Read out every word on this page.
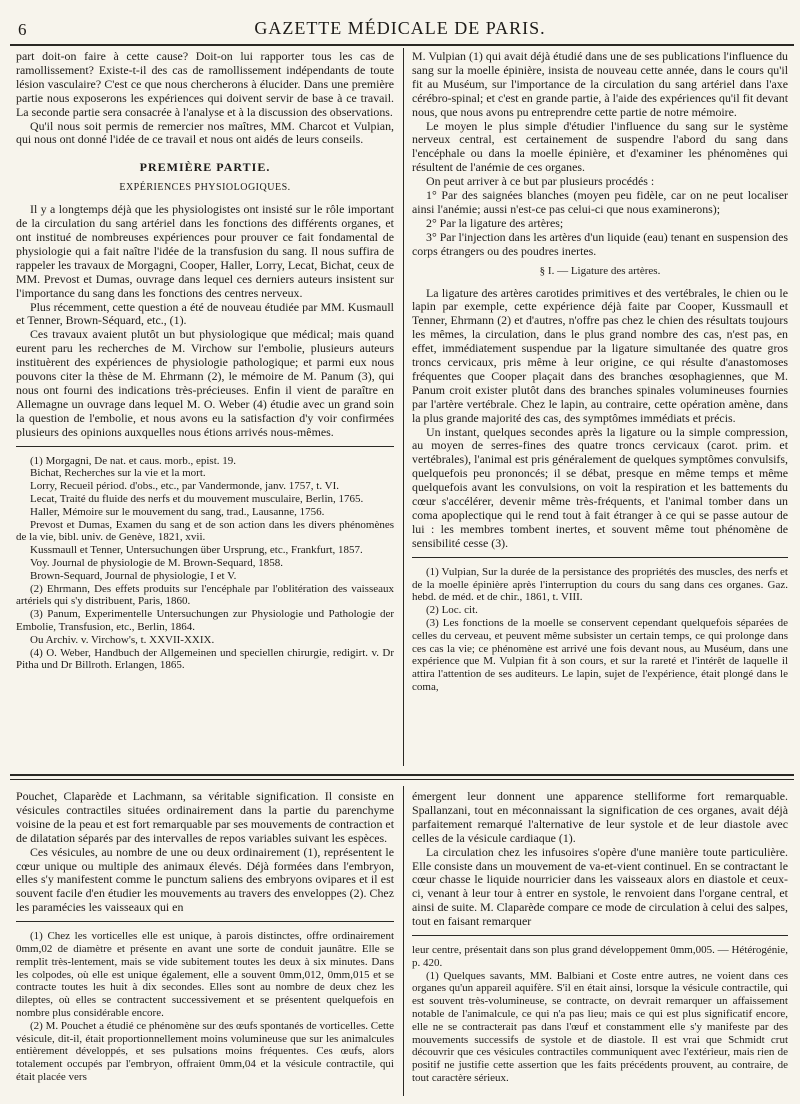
6	GAZETTE MÉDICALE DE PARIS.

part doit-on faire à cette cause? Doit-on lui rapporter tous les cas de ramollissement? Existe-t-il des cas de ramollissement indépendants de toute lésion vasculaire? C'est ce que nous chercherons à élucider. Dans une première partie nous exposerons les expériences qui doivent servir de base à ce travail. La seconde partie sera consacrée à l'analyse et à la discussion des observations.

Qu'il nous soit permis de remercier nos maîtres, MM. Charcot et Vulpian, qui nous ont donné l'idée de ce travail et nous ont aidés de leurs conseils.

PREMIÈRE PARTIE.
EXPÉRIENCES PHYSIOLOGIQUES.

Il y a longtemps déjà que les physiologistes ont insisté sur le rôle important de la circulation du sang artériel dans les fonctions des différents organes, et ont institué de nombreuses expériences pour prouver ce fait fondamental de physiologie qui a fait naître l'idée de la transfusion du sang. Il nous suffira de rappeler les travaux de Morgagni, Cooper, Haller, Lorry, Lecat, Bichat, ceux de MM. Prevost et Dumas, ouvrage dans lequel ces derniers auteurs insistent sur l'importance du sang dans les fonctions des centres nerveux.

Plus récemment, cette question a été de nouveau étudiée par MM. Kusmaull et Tenner, Brown-Séquard, etc., (1).

Ces travaux avaient plutôt un but physiologique que médical; mais quand eurent paru les recherches de M. Virchow sur l'embolie, plusieurs auteurs instituèrent des expériences de physiologie pathologique; et parmi eux nous pouvons citer la thèse de M. Ehrmann (2), le mémoire de M. Panum (3), qui nous ont fourni des indications très-précieuses. Enfin il vient de paraître en Allemagne un ouvrage dans lequel M. O. Weber (4) étudie avec un grand soin la question de l'embolie, et nous avons eu la satisfaction d'y voir confirmées plusieurs des opinions auxquelles nous étions arrivés nous-mêmes.

(1) Morgagni, De nat. et caus. morb., epist. 19.

Bichat, Recherches sur la vie et la mort.

Lorry, Recueil périod. d'obs., etc., par Vandermonde, janv. 1757, t. VI.

Lecat, Traité du fluide des nerfs et du mouvement musculaire, Berlin, 1765.

Haller, Mémoire sur le mouvement du sang, trad., Lausanne, 1756.

Prevost et Dumas, Examen du sang et de son action dans les divers phénomènes de la vie, bibl. univ. de Genève, 1821, xvii.

Kussmaull et Tenner, Untersuchungen über Ursprung, etc., Frankfurt, 1857.

Voy. Journal de physiologie de M. Brown-Sequard, 1858.

Brown-Sequard, Journal de physiologie, I et V.

(2) Ehrmann, Des effets produits sur l'encéphale par l'oblitération des vaisseaux artériels qui s'y distribuent, Paris, 1860.

(3) Panum, Experimentelle Untersuchungen zur Physiologie und Pathologie der Embolie, Transfusion, etc., Berlin, 1864.

Ou Archiv. v. Virchow's, t. XXVII-XXIX.

(4) O. Weber, Handbuch der Allgemeinen und speciellen chirurgie, redigirt. v. Dr Pitha und Dr Billroth. Erlangen, 1865.

M. Vulpian (1) qui avait déjà étudié dans une de ses publications l'influence du sang sur la moelle épinière, insista de nouveau cette année, dans le cours qu'il fit au Muséum, sur l'importance de la circulation du sang artériel dans l'axe cérébro-spinal; et c'est en grande partie, à l'aide des expériences qu'il fit devant nous, que nous avons pu entreprendre cette partie de notre mémoire.

Le moyen le plus simple d'étudier l'influence du sang sur le système nerveux central, est certainement de suspendre l'abord du sang dans l'encéphale ou dans la moelle épinière, et d'examiner les phénomènes qui résultent de l'anémie de ces organes.

On peut arriver à ce but par plusieurs procédés :

1° Par des saignées blanches (moyen peu fidèle, car on ne peut localiser ainsi l'anémie; aussi n'est-ce pas celui-ci que nous examinerons);

2° Par la ligature des artères;

3° Par l'injection dans les artères d'un liquide (eau) tenant en suspension des corps étrangers ou des poudres inertes.

§ I. — Ligature des artères.

La ligature des artères carotides primitives et des vertébrales, le chien ou le lapin par exemple, cette expérience déjà faite par Cooper, Kussmaull et Tenner, Ehrmann (2) et d'autres, n'offre pas chez le chien des résultats toujours les mêmes, la circulation, dans le plus grand nombre des cas, n'est pas, en effet, immédiatement suspendue par la ligature simultanée des quatre gros troncs cervicaux, pris même à leur origine, ce qui résulte d'anastomoses fréquentes que Cooper plaçait dans des branches œsophagiennes, que M. Panum croit exister plutôt dans des branches spinales volumineuses fournies par l'artère vertébrale. Chez le lapin, au contraire, cette opération amène, dans la plus grande majorité des cas, des symptômes immédiats et précis.

Un instant, quelques secondes après la ligature ou la simple compression, au moyen de serres-fines des quatre troncs cervicaux (carot. prim. et vertébrales), l'animal est pris généralement de quelques symptômes convulsifs, quelquefois peu prononcés; il se débat, presque en même temps et même quelquefois avant les convulsions, on voit la respiration et les battements du cœur s'accélérer, devenir même très-fréquents, et l'animal tomber dans un coma apoplectique qui le rend tout à fait étranger à ce qui se passe autour de lui : les membres tombent inertes, et souvent même tout phénomène de sensibilité cesse (3).

(1) Vulpian, Sur la durée de la persistance des propriétés des muscles, des nerfs et de la moelle épinière après l'interruption du cours du sang dans ces organes. Gaz. hebd. de méd. et de chir., 1861, t. VIII.

(2) Loc. cit.

(3) Les fonctions de la moelle se conservent cependant quelquefois séparées de celles du cerveau, et peuvent même subsister un certain temps, ce qui prolonge dans ces cas la vie; ce phénomène est arrivé une fois devant nous, au Muséum, dans une expérience que M. Vulpian fit à son cours, et sur la rareté et l'intérêt de laquelle il attira l'attention de ses auditeurs. Le lapin, sujet de l'expérience, était plongé dans le coma,

Pouchet, Claparède et Lachmann, sa véritable signification. Il consiste en vésicules contractiles situées ordinairement dans la partie du parenchyme voisine de la peau et est fort remarquable par ses mouvements de contraction et de dilatation séparés par des intervalles de repos variables suivant les espèces.

Ces vésicules, au nombre de une ou deux ordinairement (1), représentent le cœur unique ou multiple des animaux élevés. Déjà formées dans l'embryon, elles s'y manifestent comme le punctum saliens des embryons ovipares et il est souvent facile d'en étudier les mouvements au travers des enveloppes (2). Chez les paramécies les vaisseaux qui en

(1) Chez les vorticelles elle est unique, à parois distinctes, offre ordinairement 0mm,02 de diamètre et présente en avant une sorte de conduit jaunâtre. Elle se remplit très-lentement, mais se vide subitement toutes les deux à six minutes. Dans les colpodes, où elle est unique également, elle a souvent 0mm,012, 0mm,015 et se contracte toutes les huit à dix secondes. Elles sont au nombre de deux chez les dileptes, où elles se contractent successivement et se présentent quelquefois en nombre plus considérable encore.

(2) M. Pouchet a étudié ce phénomène sur des œufs spontanés de vorticelles. Cette vésicule, dit-il, était proportionnellement moins volumineuse que sur les animalcules entièrement développés, et ses pulsations moins fréquentes. Ces œufs, alors totalement occupés par l'embryon, offraient 0mm,04 et la vésicule contractile, qui était placée vers

émergent leur donnent une apparence stelliforme fort remarquable. Spallanzani, tout en méconnaissant la signification de ces organes, avait déjà parfaitement remarqué l'alternative de leur systole et de leur diastole avec celles de la vésicule cardiaque (1).

La circulation chez les infusoires s'opère d'une manière toute particulière. Elle consiste dans un mouvement de va-et-vient continuel. En se contractant le cœur chasse le liquide nourricier dans les vaisseaux alors en diastole et ceux-ci, venant à leur tour à entrer en systole, le renvoient dans l'organe central, et ainsi de suite. M. Claparède compare ce mode de circulation à celui des salpes, tout en faisant remarquer

leur centre, présentait dans son plus grand développement 0mm,005. — Hétérogénie, p. 420.

(1) Quelques savants, MM. Balbiani et Coste entre autres, ne voient dans ces organes qu'un appareil aquifère. S'il en était ainsi, lorsque la vésicule contractile, qui est souvent très-volumineuse, se contracte, on devrait remarquer un affaissement notable de l'animalcule, ce qui n'a pas lieu; mais ce qui est plus significatif encore, elle ne se contracterait pas dans l'œuf et constamment elle s'y manifeste par des mouvements successifs de systole et de diastole. Il est vrai que Schmidt crut découvrir que ces vésicules contractiles communiquent avec l'extérieur, mais rien de positif ne justifie cette assertion que les faits précédents prouvent, au contraire, de tout caractère sérieux.
